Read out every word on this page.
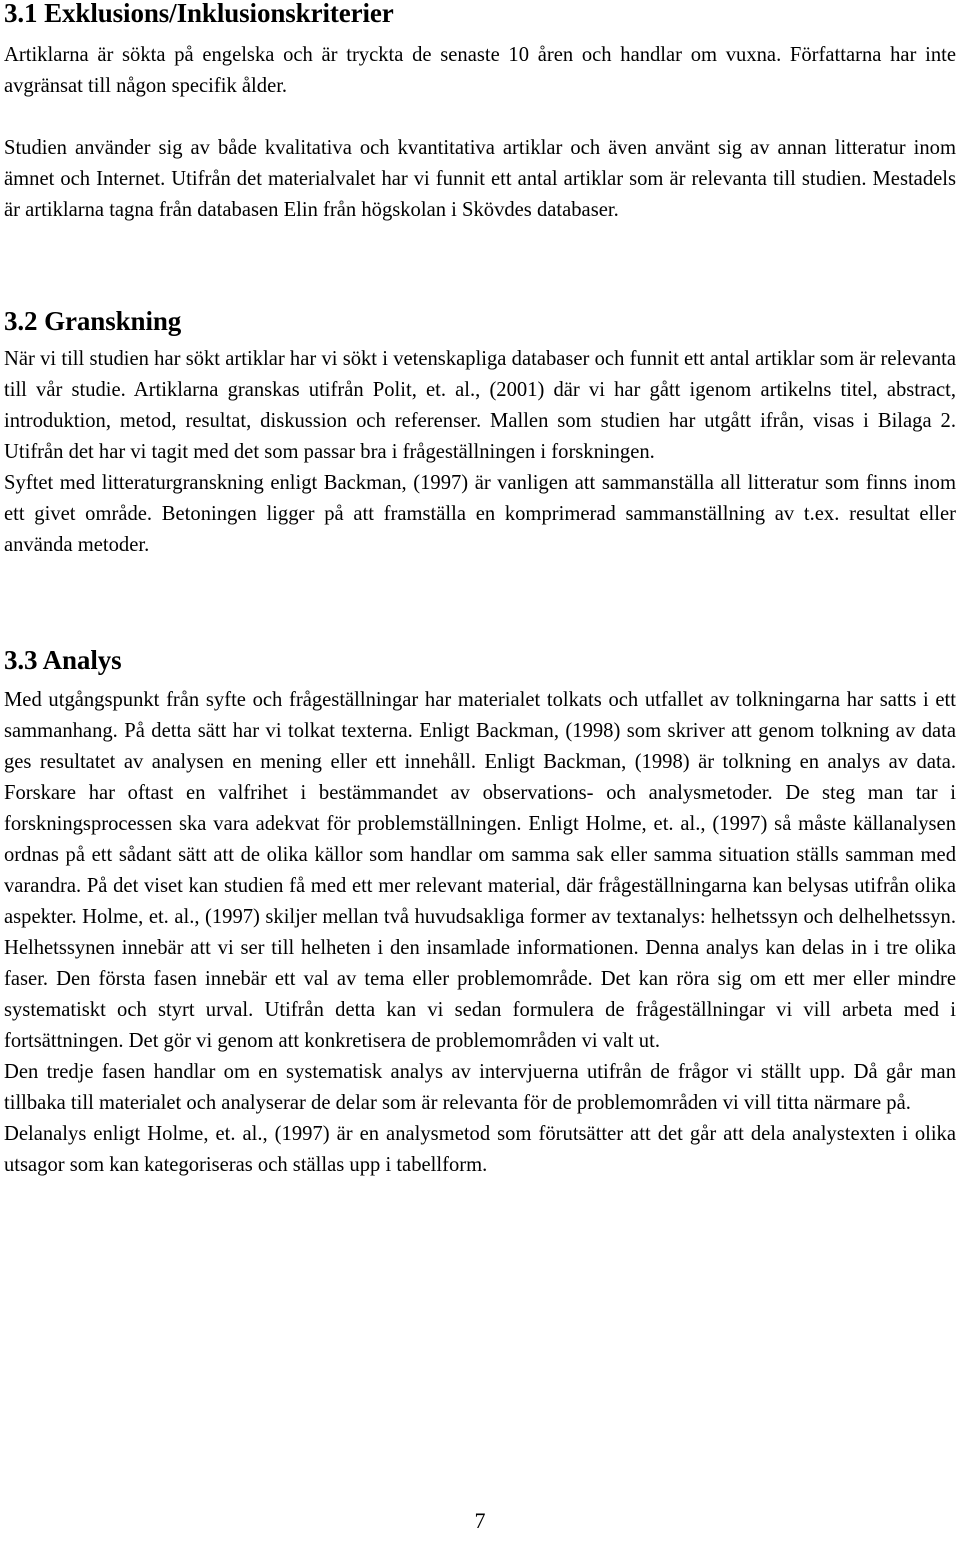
3.1 Exklusions/Inklusionskriterier

Artiklarna är sökta på engelska och är tryckta de senaste 10 åren och handlar om vuxna. Författarna har inte avgränsat till någon specifik ålder.

Studien använder sig av både kvalitativa och kvantitativa artiklar och även använt sig av annan litteratur inom ämnet och Internet. Utifrån det materialvalet har vi funnit ett antal artiklar som är relevanta till studien. Mestadels är artiklarna tagna från databasen Elin från högskolan i Skövdes databaser.

3.2 Granskning

När vi till studien har sökt artiklar har vi sökt i vetenskapliga databaser och funnit ett antal artiklar som är relevanta till vår studie. Artiklarna granskas utifrån Polit, et. al., (2001) där vi har gått igenom artikelns titel, abstract, introduktion, metod, resultat, diskussion och referenser. Mallen som studien har utgått ifrån, visas i Bilaga 2. Utifrån det har vi tagit med det som passar bra i frågeställningen i forskningen.

Syftet med litteraturgranskning enligt Backman, (1997) är vanligen att sammanställa all litteratur som finns inom ett givet område. Betoningen ligger på att framställa en komprimerad sammanställning av t.ex. resultat eller använda metoder.

3.3 Analys

Med utgångspunkt från syfte och frågeställningar har materialet tolkats och utfallet av tolkningarna har satts i ett sammanhang. På detta sätt har vi tolkat texterna. Enligt Backman, (1998) som skriver att genom tolkning av data ges resultatet av analysen en mening eller ett innehåll. Enligt Backman, (1998) är tolkning en analys av data. Forskare har oftast en valfrihet i bestämmandet av observations- och analysmetoder. De steg man tar i forskningsprocessen ska vara adekvat för problemställningen. Enligt Holme, et. al., (1997) så måste källanalysen ordnas på ett sådant sätt att de olika källor som handlar om samma sak eller samma situation ställs samman med varandra. På det viset kan studien få med ett mer relevant material, där frågeställningarna kan belysas utifrån olika aspekter. Holme, et. al., (1997) skiljer mellan två huvudsakliga former av textanalys: helhetssyn och delhelhetssyn. Helhetssynen innebär att vi ser till helheten i den insamlade informationen. Denna analys kan delas in i tre olika faser. Den första fasen innebär ett val av tema eller problemområde. Det kan röra sig om ett mer eller mindre systematiskt och styrt urval. Utifrån detta kan vi sedan formulera de frågeställningar vi vill arbeta med i fortsättningen. Det gör vi genom att konkretisera de problemområden vi valt ut.

Den tredje fasen handlar om en systematisk analys av intervjuerna utifrån de frågor vi ställt upp. Då går man tillbaka till materialet och analyserar de delar som är relevanta för de problemområden vi vill titta närmare på.

Delanalys enligt Holme, et. al., (1997) är en analysmetod som förutsätter att det går att dela analystexten i olika utsagor som kan kategoriseras och ställas upp i tabellform.

7
